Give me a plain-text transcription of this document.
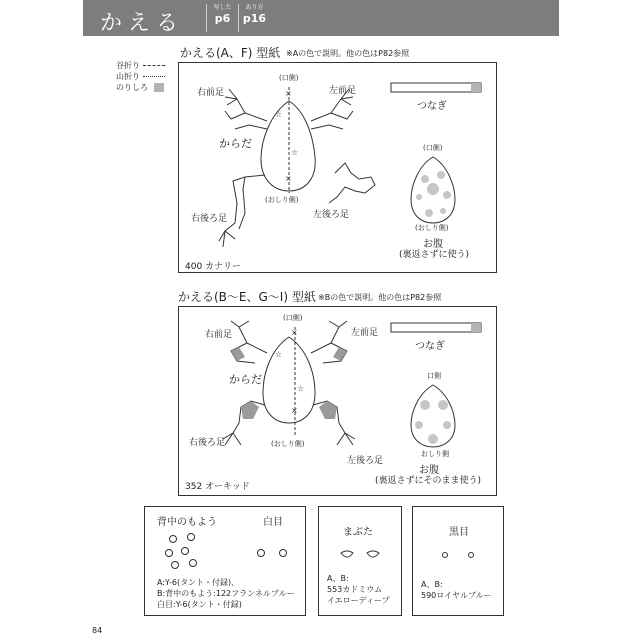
かえる
写した
p6
あり方
p16
谷折り
山折り
のりしろ
かえる(A、F) 型紙 ※Aの色で説明。他の色はP82参照
☆
☆
×
×
右前足	左前足
(口側)
からだ
(おしり側)
右後ろ足	左後ろ足
つなぎ
(口側)
(おしり側)
お腹
(裏返さずに使う)
400 カナリー
かえる(B〜E、G〜I) 型紙 ※Bの色で説明。他の色はP82参照
☆
☆
×
×
右前足	左前足
(口側)
からだ
(おしり側)
右後ろ足
左後ろ足
つなぎ
口側
おしり側
お腹
(裏返さずにそのまま使う)
352 オーキッド
背中のもよう	白目
A:Y-6(タント・付録)、
B:背中のもよう:122フランネルブルー
白目:Y-6(タント・付録)
まぶた
A、B:
553カドミウム
イエローディープ
黒目
A、B:
590ロイヤルブルー
84
